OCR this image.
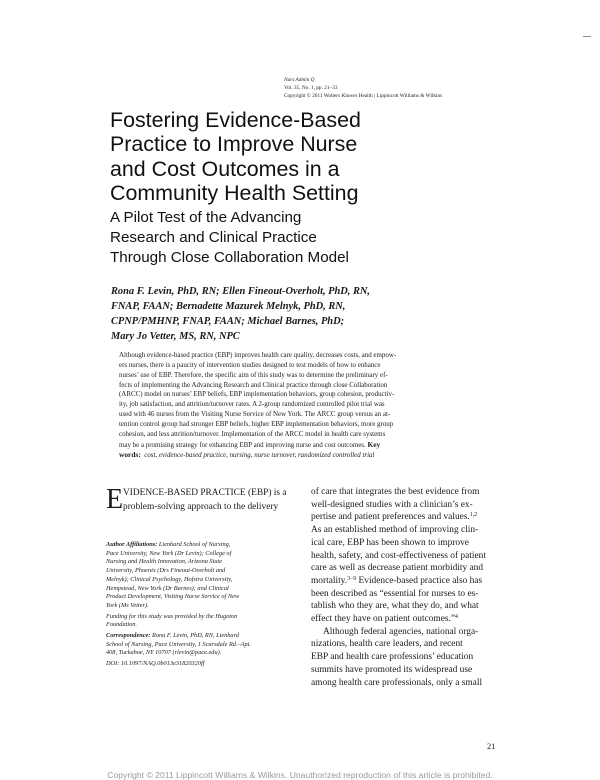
Nurs Admin Q
Vol. 35, No. 1, pp. 21–33
Copyright © 2011 Wolters Kluwer Health | Lippincott Williams & Wilkins
Fostering Evidence-Based
Practice to Improve Nurse
and Cost Outcomes in a
Community Health Setting
A Pilot Test of the Advancing
Research and Clinical Practice
Through Close Collaboration Model
Rona F. Levin, PhD, RN; Ellen Fineout-Overholt, PhD, RN,
FNAP, FAAN; Bernadette Mazurek Melnyk, PhD, RN,
CPNP/PMHNP, FNAP, FAAN; Michael Barnes, PhD;
Mary Jo Vetter, MS, RN, NPC
Although evidence-based practice (EBP) improves health care quality, decreases costs, and empow-
ers nurses, there is a paucity of intervention studies designed to test models of how to enhance
nurses’ use of EBP. Therefore, the specific aim of this study was to determine the preliminary ef-
fects of implementing the Advancing Research and Clinical practice through close Collaboration
(ARCC) model on nurses’ EBP beliefs, EBP implementation behaviors, group cohesion, productiv-
ity, job satisfaction, and attrition/turnover rates. A 2-group randomized controlled pilot trial was
used with 46 nurses from the Visiting Nurse Service of New York. The ARCC group versus an at-
tention control group had stronger EBP beliefs, higher EBP implementation behaviors, more group
cohesion, and less attrition/turnover. Implementation of the ARCC model in health care systems
may be a promising strategy for enhancing EBP and improving nurse and cost outcomes. Key
words: cost, evidence-based practice, nursing, nurse turnover, randomized controlled trial
E VIDENCE-BASED PRACTICE (EBP) is a
problem-solving approach to the delivery
Author Affiliations: Lienhard School of Nursing,
Pace University, New York (Dr Levin); College of
Nursing and Health Innovation, Arizona State
University, Phoenix (Drs Fineout-Overholt and
Melnyk); Clinical Psychology, Hofstra University,
Hempstead, New York (Dr Barnes); and Clinical
Product Development, Visiting Nurse Service of New
York (Ms Vetter).
Funding for this study was provided by the Hugoton
Foundation.
Correspondence: Rona F. Levin, PhD, RN, Lienhard
School of Nursing, Pace University, 1 Scarsdale Rd.–Apt.
408, Tuckahoe, NY 10707 (rlevin@pace.edu).
DOI: 10.1097/NAQ.0b013e31820320ff
of care that integrates the best evidence from
well-designed studies with a clinician’s ex-
pertise and patient preferences and values.$^{1,2}$
As an established method of improving clin-
ical care, EBP has been shown to improve
health, safety, and cost-effectiveness of patient
care as well as decrease patient morbidity and
mortality.$^{3-9}$ Evidence-based practice also has
been described as “essential for nurses to es-
tablish who they are, what they do, and what
effect they have on patient outcomes.”$^4$
Although federal agencies, national orga-
nizations, health care leaders, and recent
EBP and health care professions’ education
summits have promoted its widespread use
among health care professionals, only a small
21
Copyright © 2011 Lippincott Williams & Wilkins. Unauthorized reproduction of this article is prohibited.
